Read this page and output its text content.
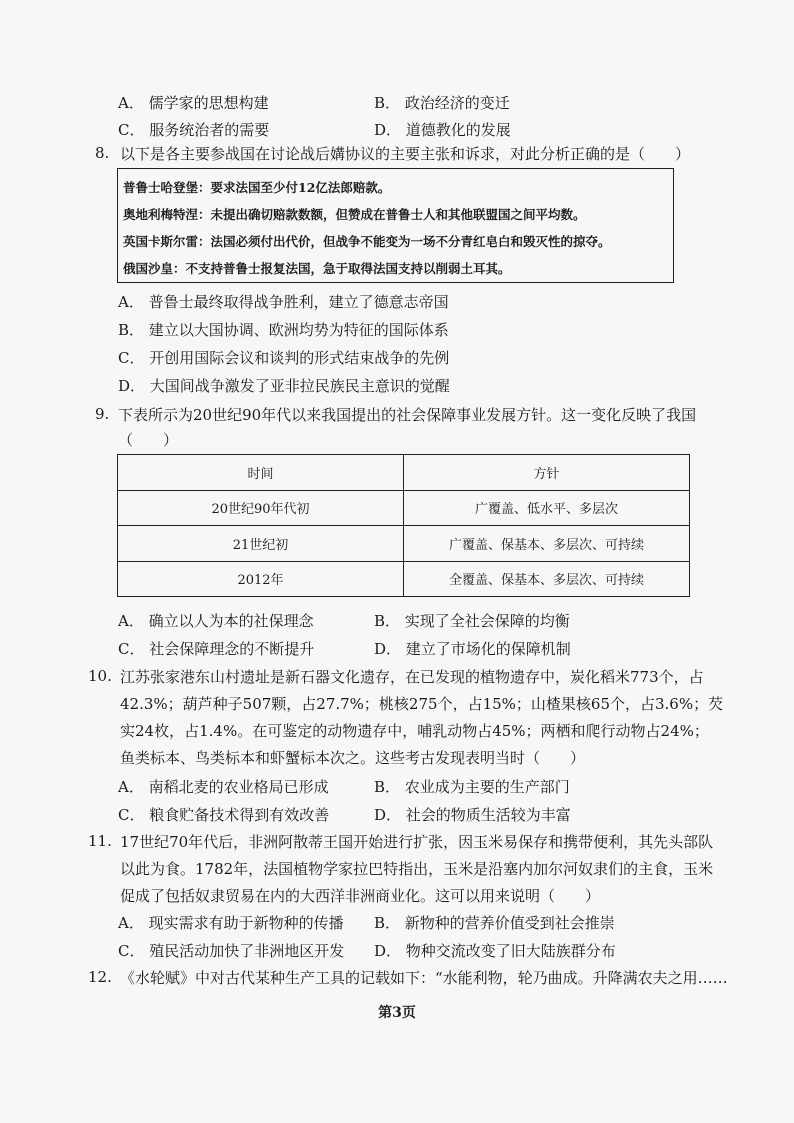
A． 儒学家的思想构建	B． 政治经济的变迁
C． 服务统治者的需要	D． 道德教化的发展
8. 以下是各主要参战国在讨论战后媾协议的主要主张和诉求，对此分析正确的是（　　）
普鲁士哈登堡：要求法国至少付12亿法郎赔款。
奥地利梅特涅：未提出确切赔款数额，但赞成在普鲁士人和其他联盟国之间平均数。
英国卡斯尔雷：法国必须付出代价，但战争不能变为一场不分青红皂白和毁灭性的掠夺。
俄国沙皇：不支持普鲁士报复法国，急于取得法国支持以削弱土耳其。
A． 普鲁士最终取得战争胜利，建立了德意志帝国
B． 建立以大国协调、欧洲均势为特征的国际体系
C． 开创用国际会议和谈判的形式结束战争的先例
D． 大国间战争激发了亚非拉民族民主意识的觉醒
9. 下表所示为20世纪90年代以来我国提出的社会保障事业发展方针。这一变化反映了我国
（　　）
时间	方针
20世纪90年代初	广覆盖、低水平、多层次
21世纪初	广覆盖、保基本、多层次、可持续
2012年	全覆盖、保基本、多层次、可持续
A． 确立以人为本的社保理念	B． 实现了全社会保障的均衡
C． 社会保障理念的不断提升	D． 建立了市场化的保障机制
10. 江苏张家港东山村遗址是新石器文化遗存，在已发现的植物遗存中，炭化稻米773个，占
42.3%；葫芦种子507颗，占27.7%；桃核275个，占15%；山楂果核65个，占3.6%；芡
实24枚，占1.4%。在可鉴定的动物遗存中，哺乳动物占45%；两栖和爬行动物占24%；
鱼类标本、鸟类标本和虾蟹标本次之。这些考古发现表明当时（　　）
A． 南稻北麦的农业格局已形成	B． 农业成为主要的生产部门
C． 粮食贮备技术得到有效改善	D． 社会的物质生活较为丰富
11. 17世纪70年代后，非洲阿散蒂王国开始进行扩张，因玉米易保存和携带便利，其先头部队
以此为食。1782年，法国植物学家拉巴特指出，玉米是沿塞内加尔河奴隶们的主食，玉米
促成了包括奴隶贸易在内的大西洋非洲商业化。这可以用来说明（　　）
A． 现实需求有助于新物种的传播 B． 新物种的营养价值受到社会推崇
C． 殖民活动加快了非洲地区开发 D． 物种交流改变了旧大陆族群分布
12. 《水轮赋》中对古代某种生产工具的记载如下：“水能利物，轮乃曲成。升降满农夫之用……
第3页
